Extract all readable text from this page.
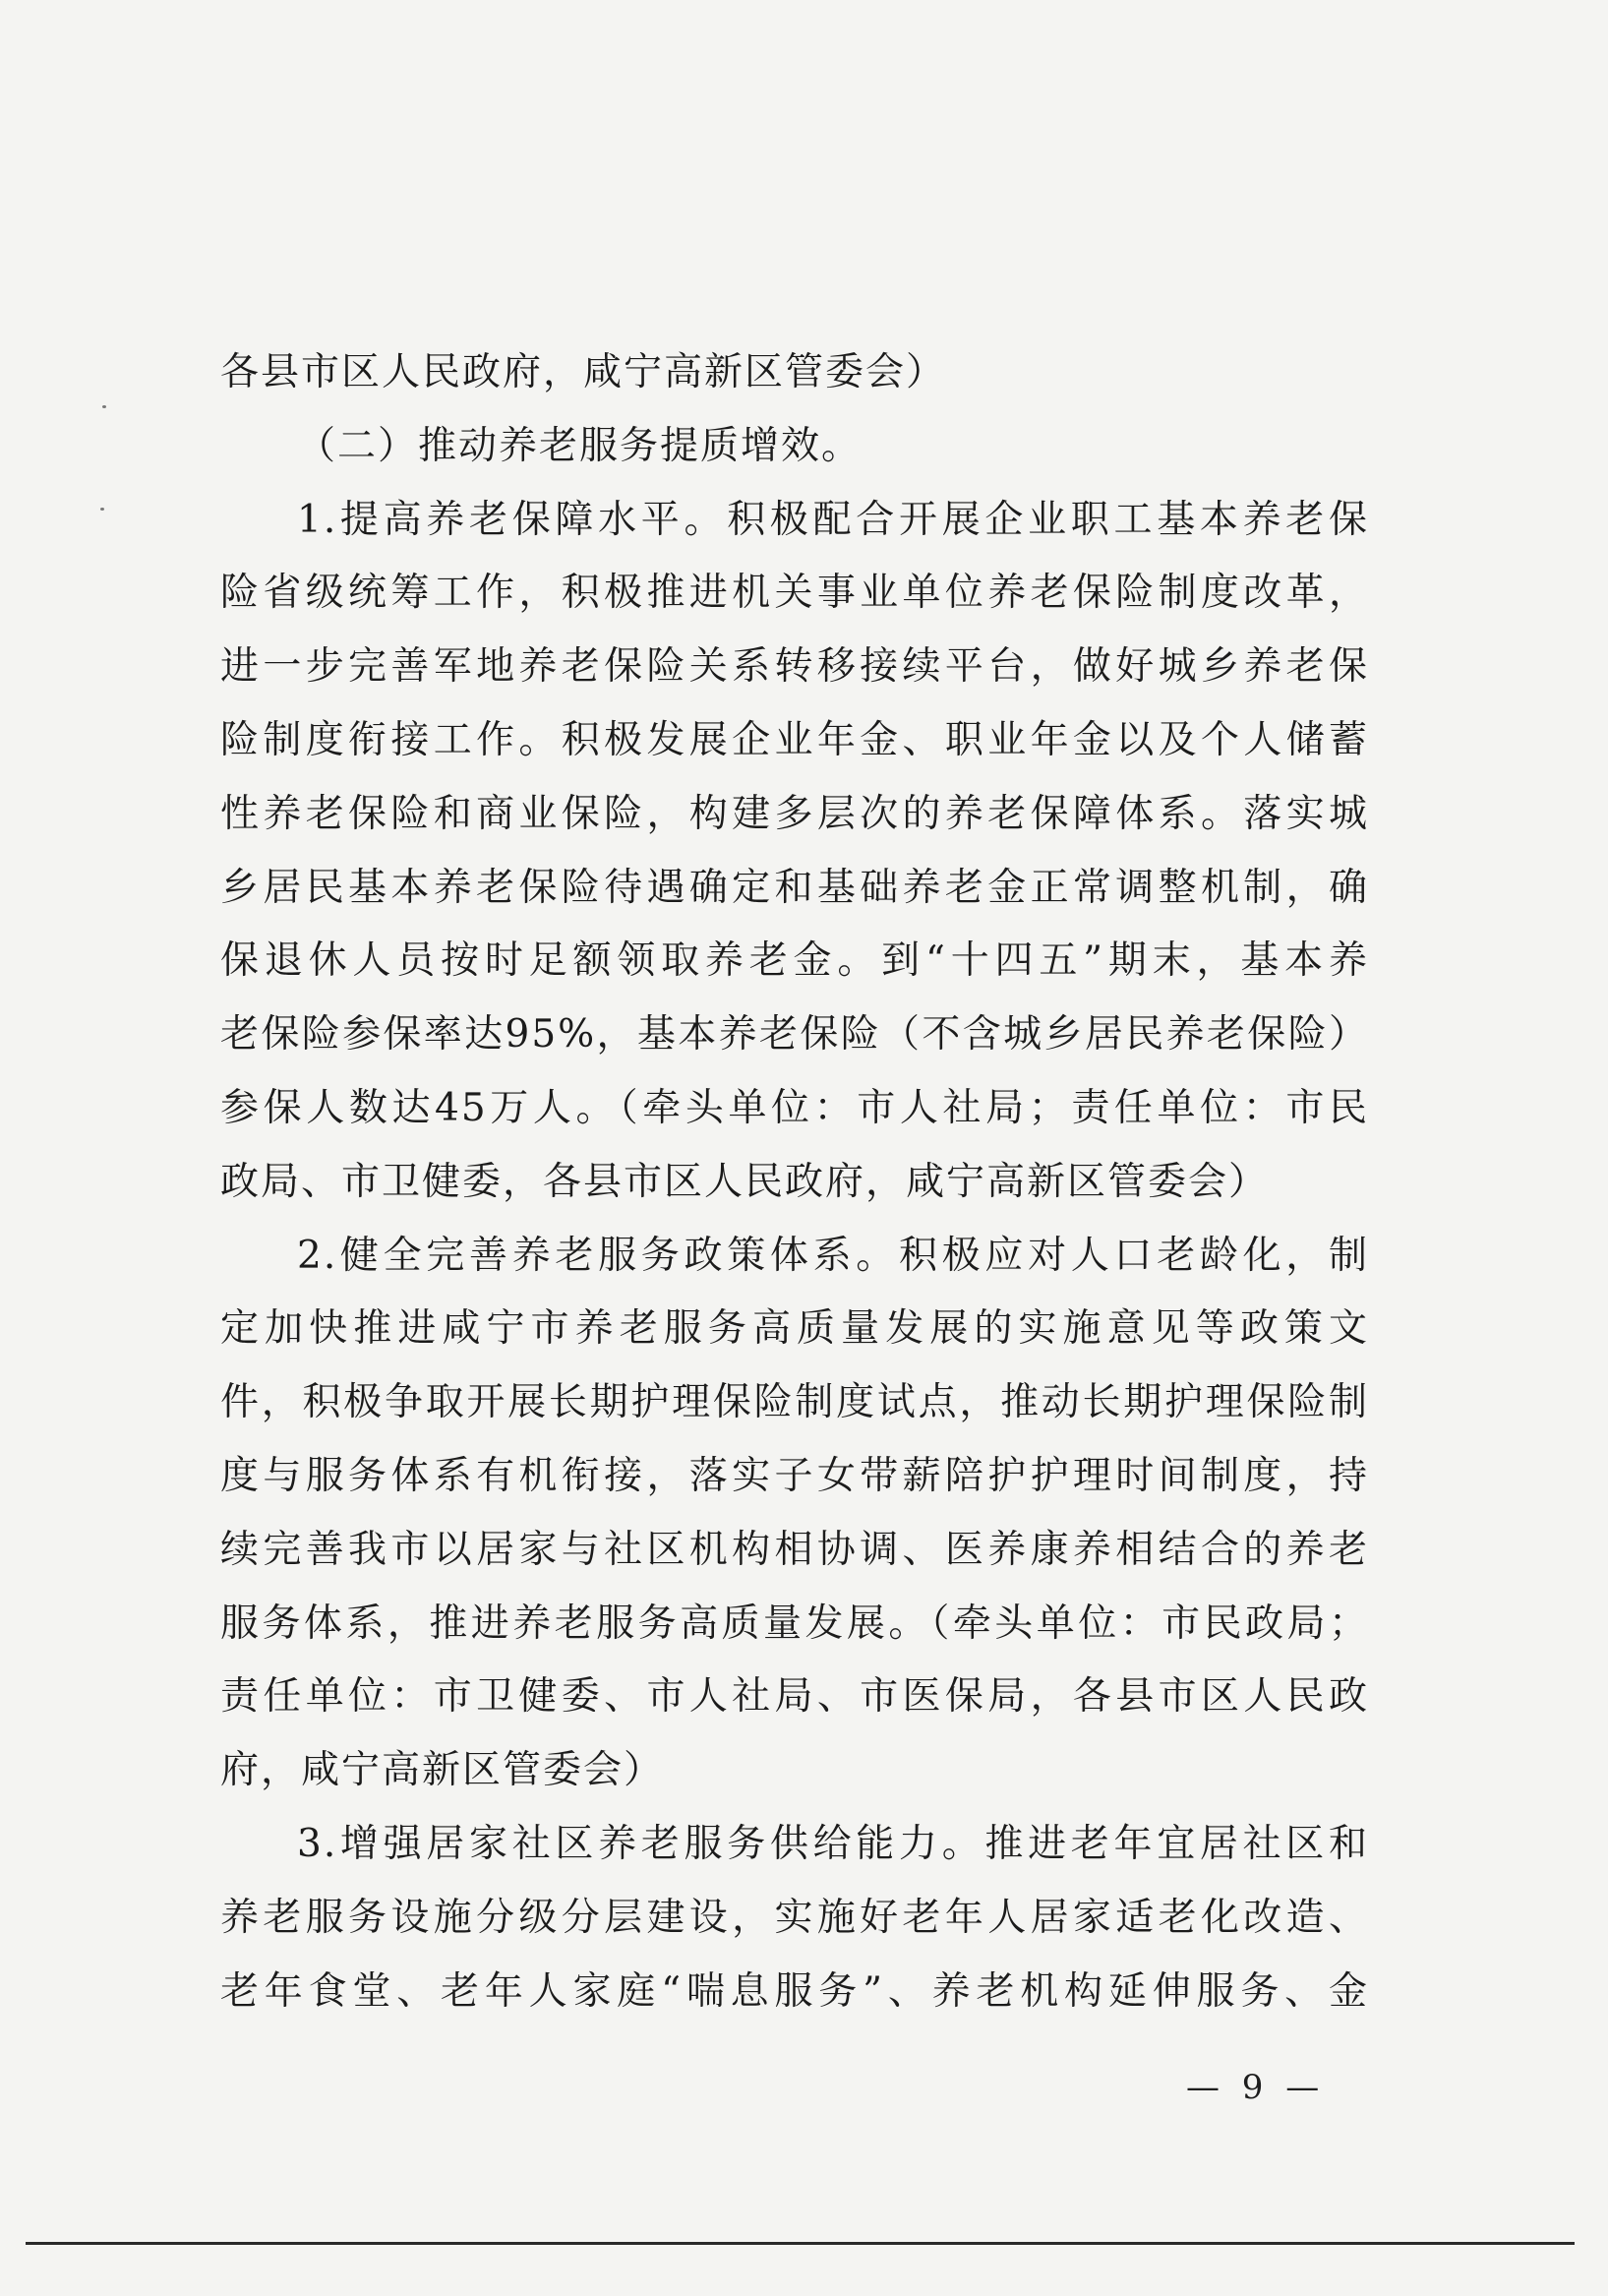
各县市区人民政府，咸宁高新区管委会）
（二）推动养老服务提质增效。
1.提高养老保障水平。积极配合开展企业职工基本养老保
险省级统筹工作，积极推进机关事业单位养老保险制度改革，
进一步完善军地养老保险关系转移接续平台，做好城乡养老保
险制度衔接工作。积极发展企业年金、职业年金以及个人储蓄
性养老保险和商业保险，构建多层次的养老保障体系。落实城
乡居民基本养老保险待遇确定和基础养老金正常调整机制，确
保退休人员按时足额领取养老金。到“十四五”期末，基本养
老保险参保率达95%，基本养老保险（不含城乡居民养老保险）
参保人数达45万人。（牵头单位：市人社局；责任单位：市民
政局、市卫健委，各县市区人民政府，咸宁高新区管委会）
2.健全完善养老服务政策体系。积极应对人口老龄化，制
定加快推进咸宁市养老服务高质量发展的实施意见等政策文
件，积极争取开展长期护理保险制度试点，推动长期护理保险制
度与服务体系有机衔接，落实子女带薪陪护护理时间制度，持
续完善我市以居家与社区机构相协调、医养康养相结合的养老
服务体系，推进养老服务高质量发展。（牵头单位：市民政局；
责任单位：市卫健委、市人社局、市医保局，各县市区人民政
府，咸宁高新区管委会）
3.增强居家社区养老服务供给能力。推进老年宜居社区和
养老服务设施分级分层建设，实施好老年人居家适老化改造、
老年食堂、老年人家庭“喘息服务”、养老机构延伸服务、金
— 9 —
